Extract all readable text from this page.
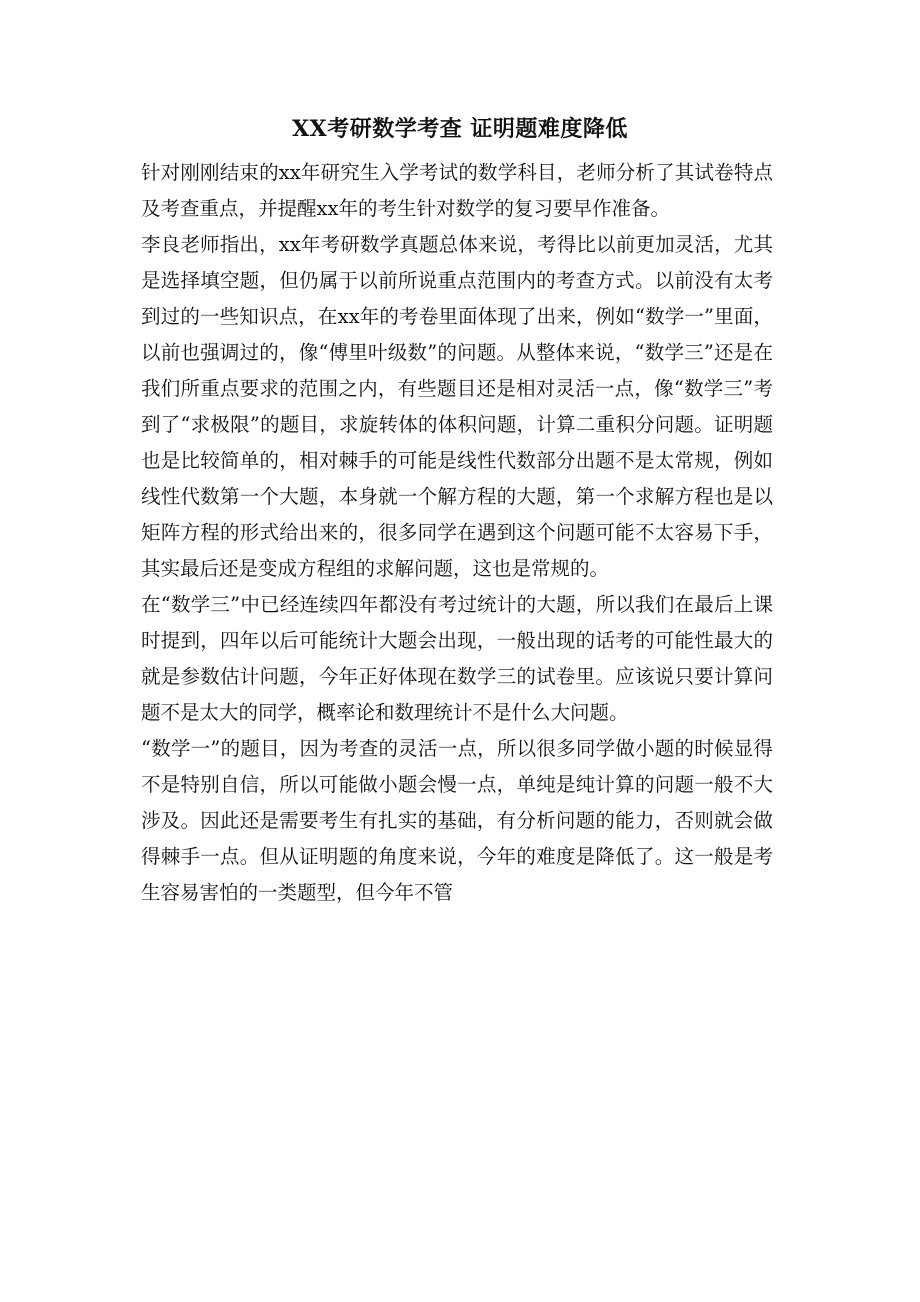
XX考研数学考查 证明题难度降低

针对刚刚结束的xx年研究生入学考试的数学科目，老师分析了其试卷特点及考查重点，并提醒xx年的考生针对数学的复习要早作准备。

李良老师指出，xx年考研数学真题总体来说，考得比以前更加灵活，尤其是选择填空题，但仍属于以前所说重点范围内的考查方式。以前没有太考到过的一些知识点，在xx年的考卷里面体现了出来，例如“数学一”里面，以前也强调过的，像“傅里叶级数”的问题。从整体来说，“数学三”还是在我们所重点要求的范围之内，有些题目还是相对灵活一点，像“数学三”考到了“求极限”的题目，求旋转体的体积问题，计算二重积分问题。证明题也是比较简单的，相对棘手的可能是线性代数部分出题不是太常规，例如线性代数第一个大题，本身就一个解方程的大题，第一个求解方程也是以矩阵方程的形式给出来的，很多同学在遇到这个问题可能不太容易下手，其实最后还是变成方程组的求解问题，这也是常规的。

在“数学三”中已经连续四年都没有考过统计的大题，所以我们在最后上课时提到，四年以后可能统计大题会出现，一般出现的话考的可能性最大的就是参数估计问题，今年正好体现在数学三的试卷里。应该说只要计算问题不是太大的同学，概率论和数理统计不是什么大问题。

“数学一”的题目，因为考查的灵活一点，所以很多同学做小题的时候显得不是特别自信，所以可能做小题会慢一点，单纯是纯计算的问题一般不大涉及。因此还是需要考生有扎实的基础，有分析问题的能力，否则就会做得棘手一点。但从证明题的角度来说，今年的难度是降低了。这一般是考生容易害怕的一类题型，但今年不管
